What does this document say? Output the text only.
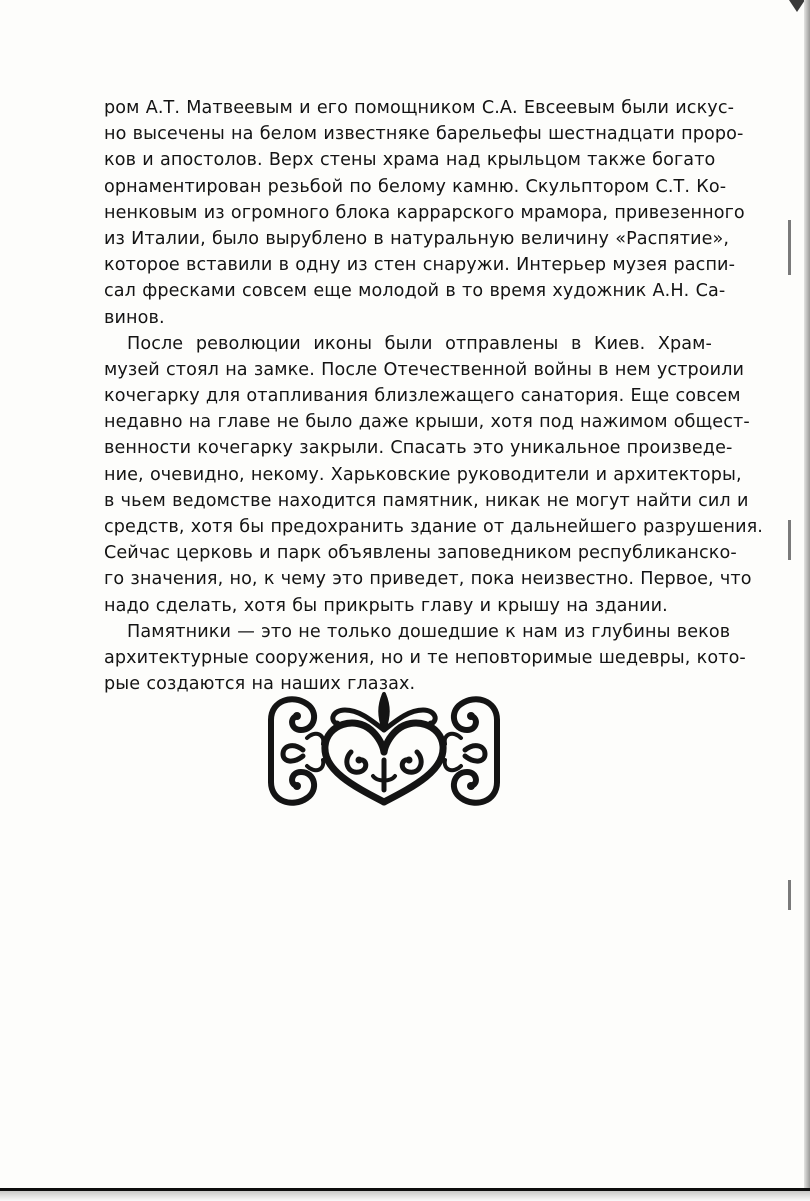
ром А.Т. Матвеевым и его помощником С.А. Евсеевым были искус-
но высечены на белом известняке барельефы шестнадцати проро-
ков и апостолов. Верх стены храма над крыльцом также богато
орнаментирован резьбой по белому камню. Скульптором С.Т. Ко-
ненковым из огромного блока каррарского мрамора, привезенного
из Италии, было вырублено в натуральную величину «Распятие»,
которое вставили в одну из стен снаружи. Интерьер музея распи-
сал фресками совсем еще молодой в то время художник А.Н. Са-
винов.
После революции иконы были отправлены в Киев. Храм-
музей стоял на замке. После Отечественной войны в нем устроили
кочегарку для отапливания близлежащего санатория. Еще совсем
недавно на главе не было даже крыши, хотя под нажимом общест-
венности кочегарку закрыли. Спасать это уникальное произведе-
ние, очевидно, некому. Харьковские руководители и архитекторы,
в чьем ведомстве находится памятник, никак не могут найти сил и
средств, хотя бы предохранить здание от дальнейшего разрушения.
Сейчас церковь и парк объявлены заповедником республиканско-
го значения, но, к чему это приведет, пока неизвестно. Первое, что
надо сделать, хотя бы прикрыть главу и крышу на здании.
Памятники — это не только дошедшие к нам из глубины веков
архитектурные сооружения, но и те неповторимые шедевры, кото-
рые создаются на наших глазах.
